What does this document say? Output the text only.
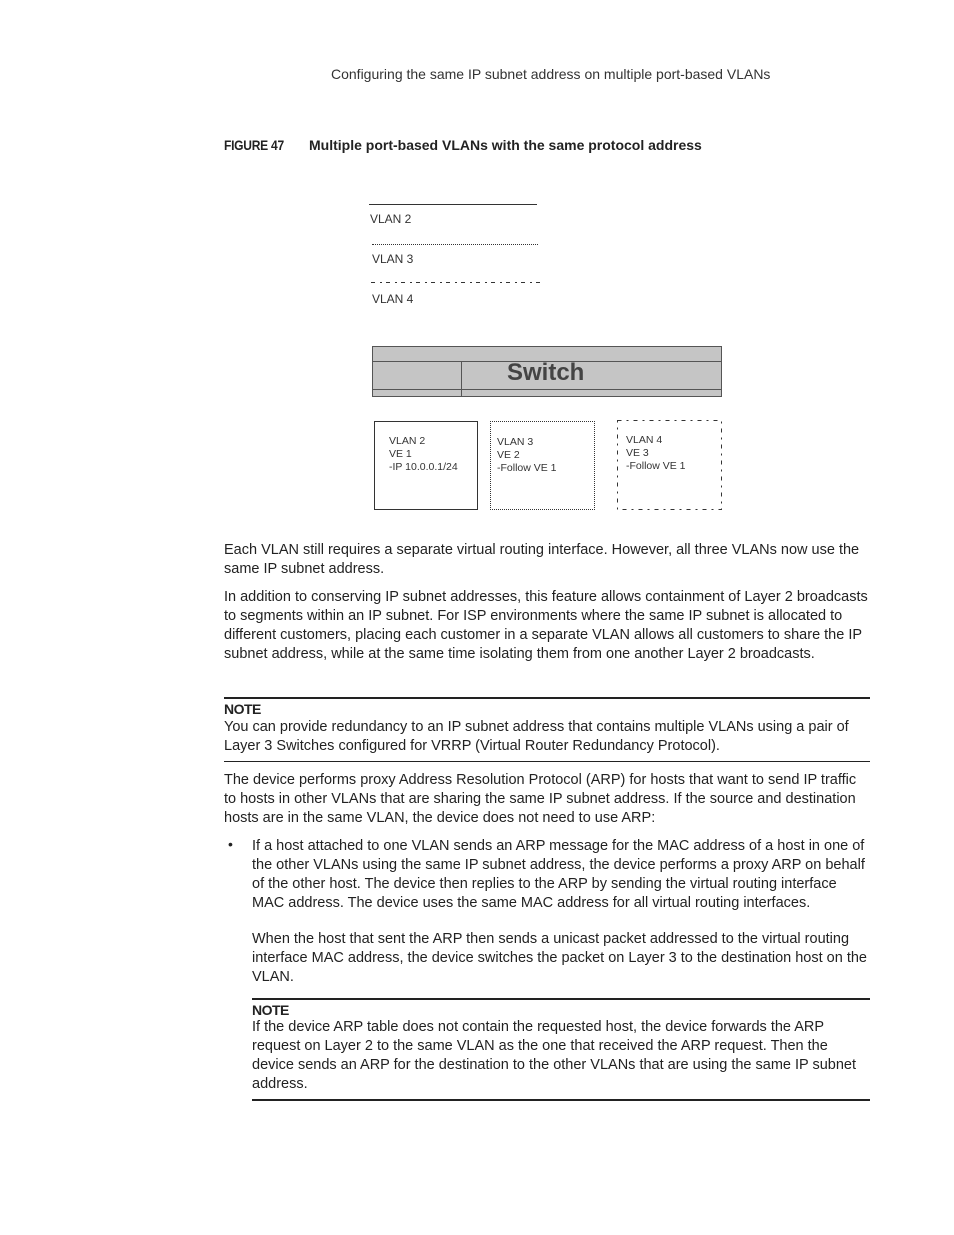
Configuring the same IP subnet address on multiple port-based VLANs
FIGURE 47 Multiple port-based VLANs with the same protocol address
VLAN 2
VLAN 3
VLAN 4
Switch
VLAN 2
VE 1
-IP 10.0.0.1/24
VLAN 3
VE 2
-Follow VE 1
VLAN 4
VE 3
-Follow VE 1
Each VLAN still requires a separate virtual routing interface. However, all three VLANs now use the same IP subnet address.
In addition to conserving IP subnet addresses, this feature allows containment of Layer 2 broadcasts to segments within an IP subnet. For ISP environments where the same IP subnet is allocated to different customers, placing each customer in a separate VLAN allows all customers to share the IP subnet address, while at the same time isolating them from one another Layer 2 broadcasts.
NOTE
You can provide redundancy to an IP subnet address that contains multiple VLANs using a pair of Layer 3 Switches configured for VRRP (Virtual Router Redundancy Protocol).
The device performs proxy Address Resolution Protocol (ARP) for hosts that want to send IP traffic to hosts in other VLANs that are sharing the same IP subnet address. If the source and destination hosts are in the same VLAN, the device does not need to use ARP:
• If a host attached to one VLAN sends an ARP message for the MAC address of a host in one of the other VLANs using the same IP subnet address, the device performs a proxy ARP on behalf of the other host. The device then replies to the ARP by sending the virtual routing interface MAC address. The device uses the same MAC address for all virtual routing interfaces.
When the host that sent the ARP then sends a unicast packet addressed to the virtual routing interface MAC address, the device switches the packet on Layer 3 to the destination host on the VLAN.
NOTE
If the device ARP table does not contain the requested host, the device forwards the ARP request on Layer 2 to the same VLAN as the one that received the ARP request. Then the device sends an ARP for the destination to the other VLANs that are using the same IP subnet address.
